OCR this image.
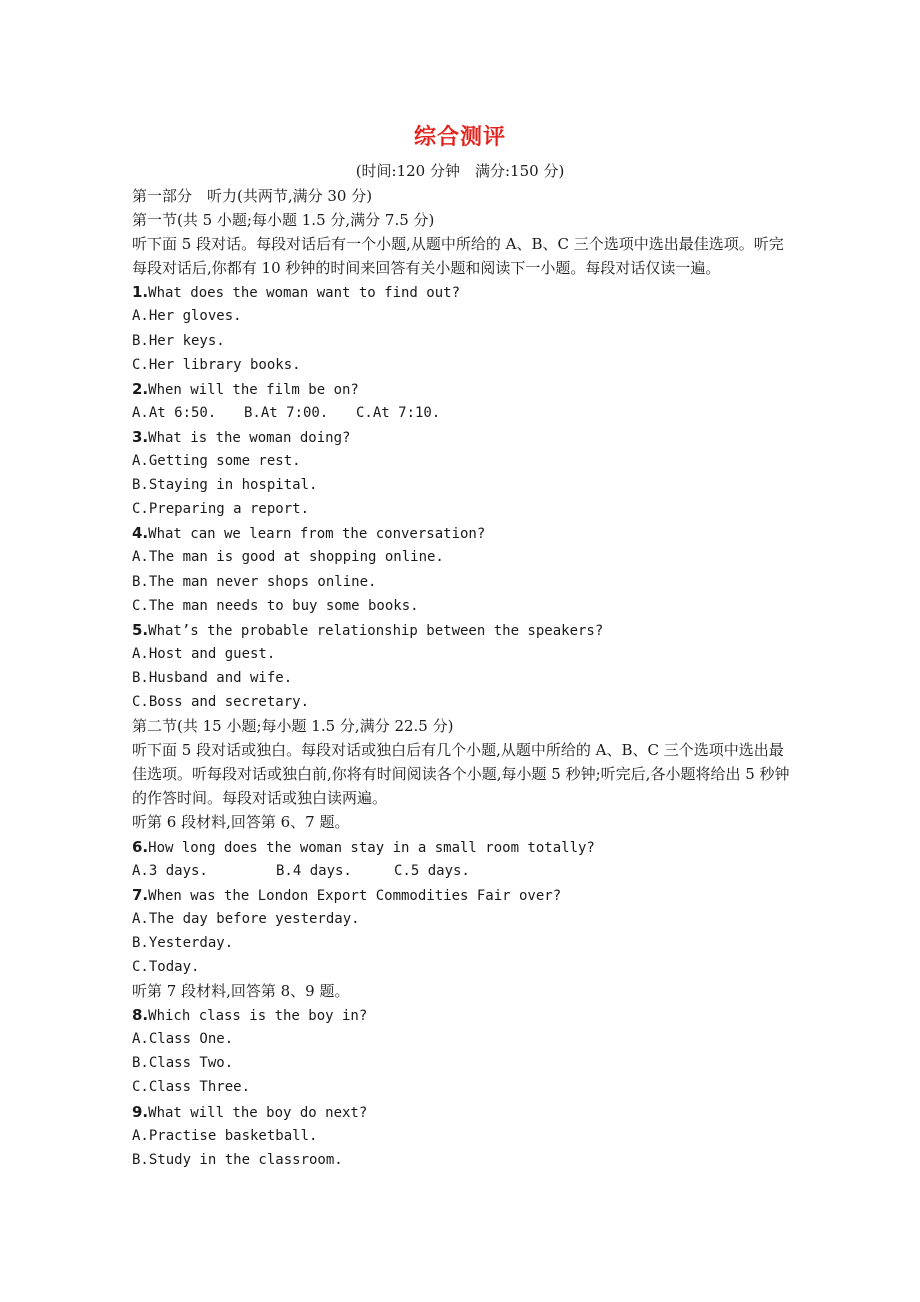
综合测评
(时间:120 分钟　满分:150 分)
第一部分　听力(共两节,满分 30 分)
第一节(共 5 小题;每小题 1.5 分,满分 7.5 分)
听下面 5 段对话。每段对话后有一个小题,从题中所给的 A、B、C 三个选项中选出最佳选项。听完每段对话后,你都有 10 秒钟的时间来回答有关小题和阅读下一小题。每段对话仅读一遍。
1.What does the woman want to find out?
A.Her gloves.
B.Her keys.
C.Her library books.
2.When will the film be on?
A.At 6:50. B.At 7:00. C.At 7:10.
3.What is the woman doing?
A.Getting some rest.
B.Staying in hospital.
C.Preparing a report.
4.What can we learn from the conversation?
A.The man is good at shopping online.
B.The man never shops online.
C.The man needs to buy some books.
5.What’s the probable relationship between the speakers?
A.Host and guest.
B.Husband and wife.
C.Boss and secretary.
第二节(共 15 小题;每小题 1.5 分,满分 22.5 分)
听下面 5 段对话或独白。每段对话或独白后有几个小题,从题中所给的 A、B、C 三个选项中选出最佳选项。听每段对话或独白前,你将有时间阅读各个小题,每小题 5 秒钟;听完后,各小题将给出 5 秒钟的作答时间。每段对话或独白读两遍。
听第 6 段材料,回答第 6、7 题。
6.How long does the woman stay in a small room totally?
A.3 days.	B.4 days.	C.5 days.
7.When was the London Export Commodities Fair over?
A.The day before yesterday.
B.Yesterday.
C.Today.
听第 7 段材料,回答第 8、9 题。
8.Which class is the boy in?
A.Class One.
B.Class Two.
C.Class Three.
9.What will the boy do next?
A.Practise basketball.
B.Study in the classroom.
